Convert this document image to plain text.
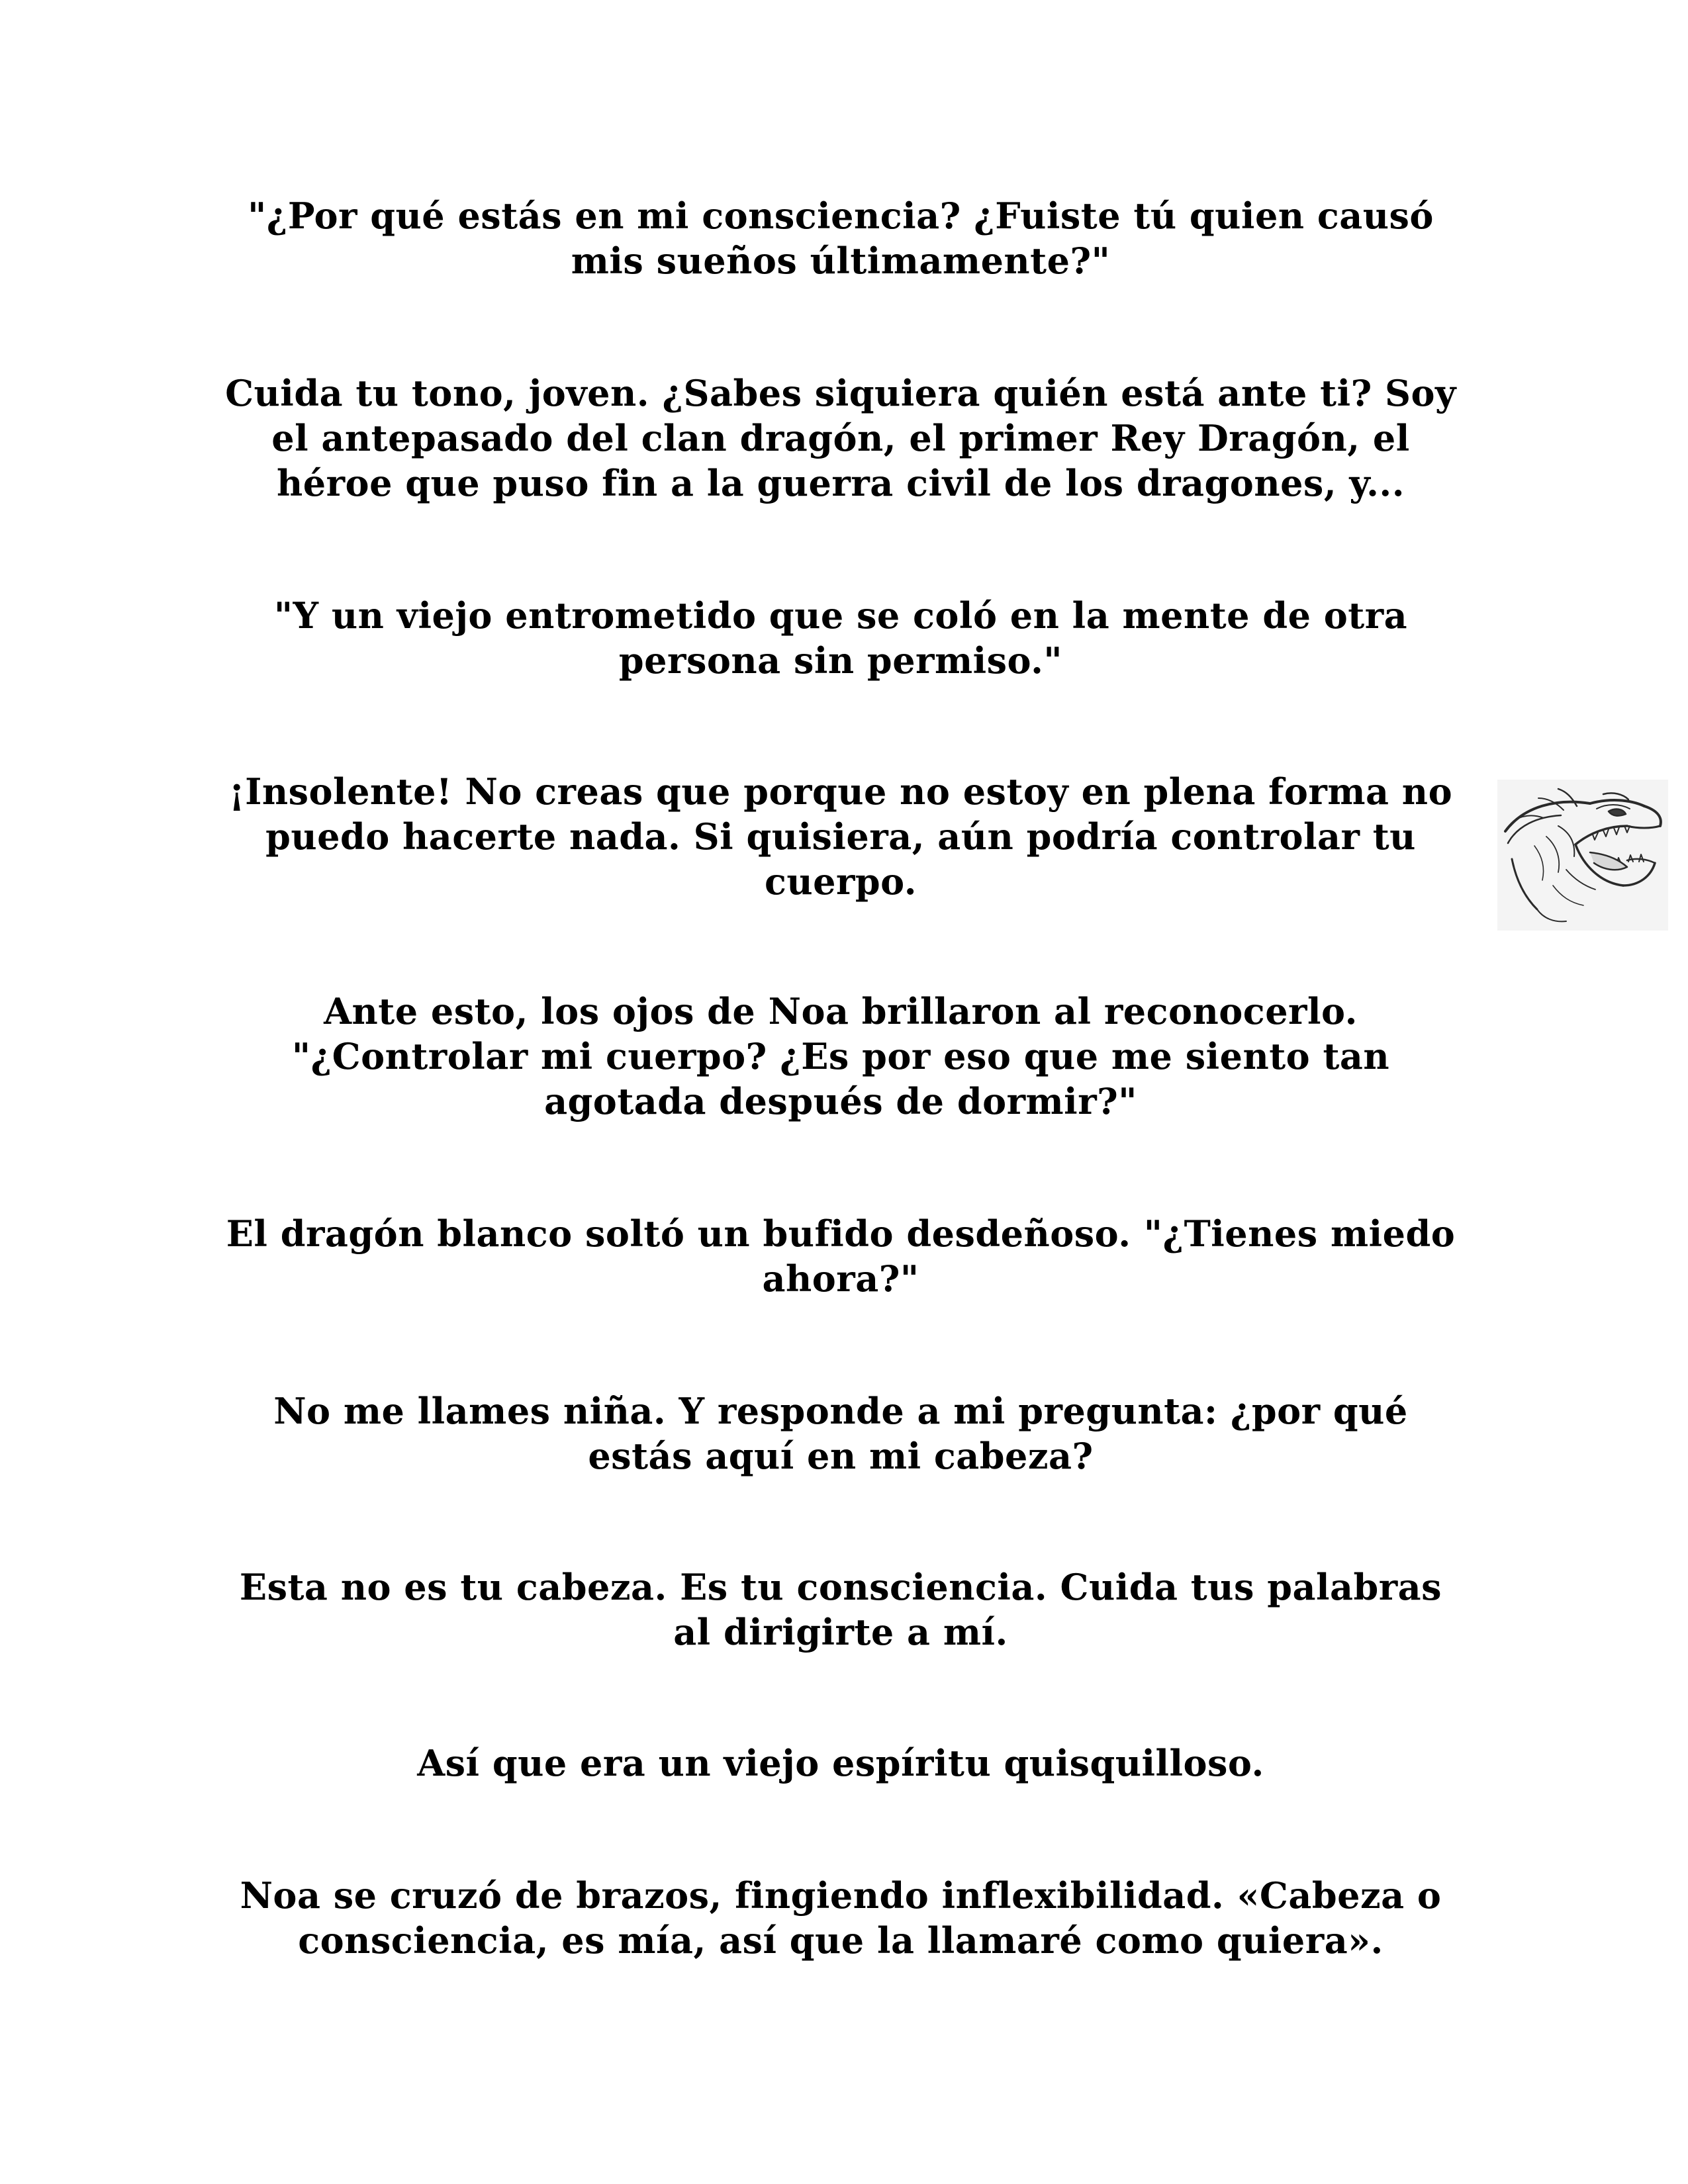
"¿Por qué estás en mi consciencia? ¿Fuiste tú quien causó mis sueños últimamente?"

Cuida tu tono, joven. ¿Sabes siquiera quién está ante ti? Soy el antepasado del clan dragón, el primer Rey Dragón, el héroe que puso fin a la guerra civil de los dragones, y...

"Y un viejo entrometido que se coló en la mente de otra persona sin permiso."

¡Insolente! No creas que porque no estoy en plena forma no puedo hacerte nada. Si quisiera, aún podría controlar tu cuerpo.

Ante esto, los ojos de Noa brillaron al reconocerlo. "¿Controlar mi cuerpo? ¿Es por eso que me siento tan agotada después de dormir?"

El dragón blanco soltó un bufido desdeñoso. "¿Tienes miedo ahora?"

No me llames niña. Y responde a mi pregunta: ¿por qué estás aquí en mi cabeza?

Esta no es tu cabeza. Es tu consciencia. Cuida tus palabras al dirigirte a mí.

Así que era un viejo espíritu quisquilloso.

Noa se cruzó de brazos, fingiendo inflexibilidad. «Cabeza o consciencia, es mía, así que la llamaré como quiera».
